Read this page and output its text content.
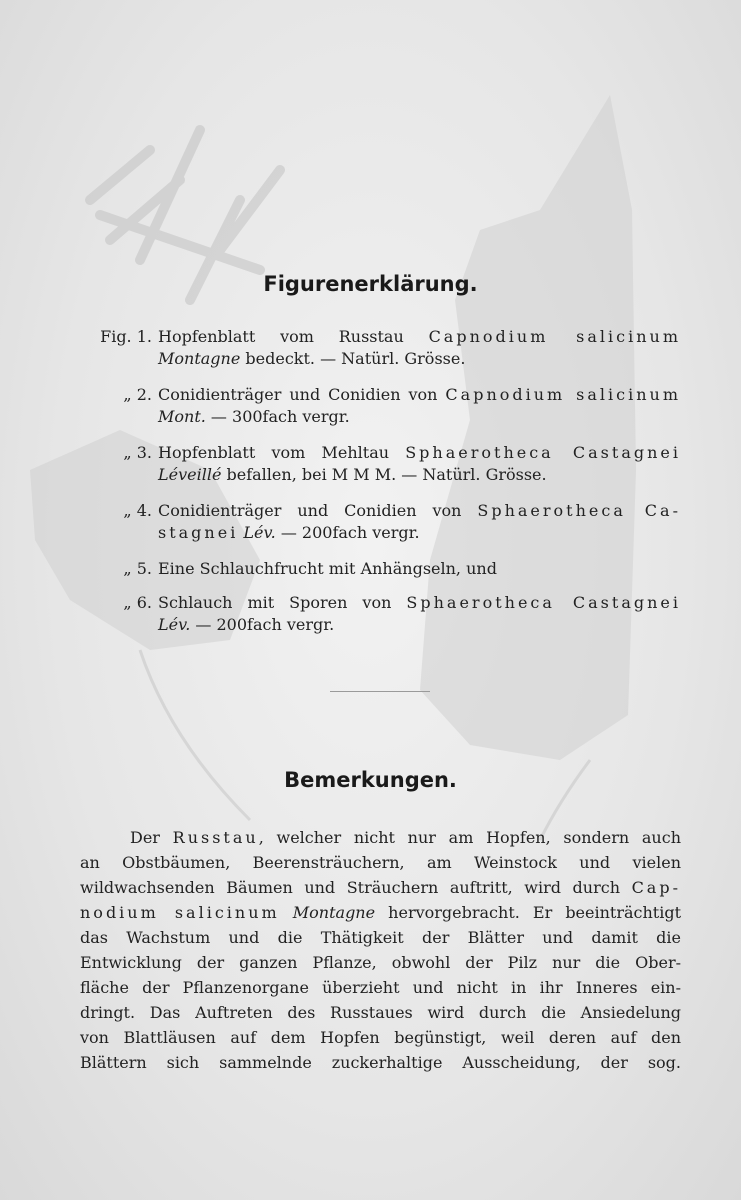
Figurenerklärung.
Fig. 1. Hopfenblatt vom Russtau Capnodium salicinum
Montagne bedeckt. — Natürl. Grösse.
„ 2. Conidienträger und Conidien von Capnodium salicinum
Mont. — 300fach vergr.
„ 3. Hopfenblatt vom Mehltau Sphaerotheca Castagnei
Léveillé befallen, bei M M M. — Natürl. Grösse.
„ 4. Conidienträger und Conidien von Sphaerotheca Ca-
stagnei Lév. — 200fach vergr.
„ 5. Eine Schlauchfrucht mit Anhängseln, und
„ 6. Schlauch mit Sporen von Sphaerotheca Castagnei
Lév. — 200fach vergr.
Bemerkungen.
Der Russtau, welcher nicht nur am Hopfen, sondern auch
an Obstbäumen, Beerensträuchern, am Weinstock und vielen
wildwachsenden Bäumen und Sträuchern auftritt, wird durch Cap-
nodium salicinum Montagne hervorgebracht. Er beeinträchtigt
das Wachstum und die Thätigkeit der Blätter und damit die
Entwicklung der ganzen Pflanze, obwohl der Pilz nur die Ober-
fläche der Pflanzenorgane überzieht und nicht in ihr Inneres ein-
dringt. Das Auftreten des Russtaues wird durch die Ansiedelung
von Blattläusen auf dem Hopfen begünstigt, weil deren auf den
Blättern sich sammelnde zuckerhaltige Ausscheidung, der sog.
